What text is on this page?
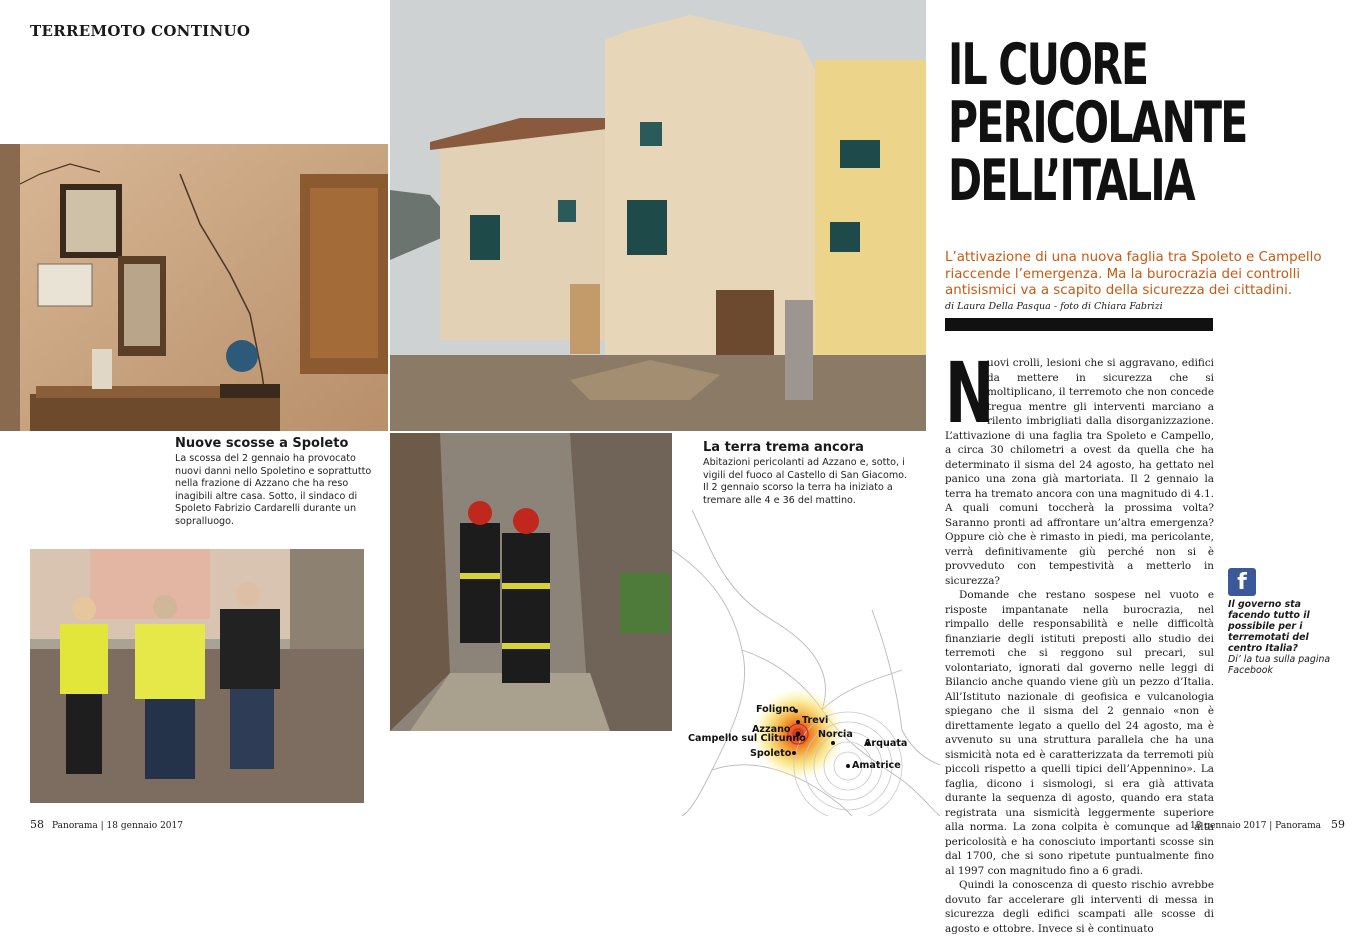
TERREMOTO CONTINUO
Nuove scosse a Spoleto
La scossa del 2 gennaio ha provocato nuovi danni nello Spoletino e soprattutto nella frazione di Azzano che ha reso inagibili altre casa. Sotto, il sindaco di Spoleto Fabrizio Cardarelli durante un sopralluogo.
La terra trema ancora
Abitazioni pericolanti ad Azzano e, sotto, i vigili del fuoco al Castello di San Giacomo. Il 2 gennaio scorso la terra ha iniziato a tremare alle 4 e 36 del mattino.
Foligno
Trevi
Azzano
Campello sul Clitunno Norcia
Arquata
Spoleto
Amatrice
IL CUORE
PERICOLANTE
DELL’ITALIA
L’attivazione di una nuova faglia tra Spoleto e Campello riaccende l’emergenza. Ma la burocrazia dei controlli antisismici va a scapito della sicurezza dei cittadini.
di Laura Della Pasqua - foto di Chiara Fabrizi

N
uovi crolli, lesioni che si aggravano, edifici da mettere in sicurezza che si moltiplicano, il terremoto che non concede tregua mentre gli interventi marciano a rilento imbrigliati dalla disorganizzazione. L’attivazione di una faglia tra Spoleto e Campello, a circa 30 chilometri a ovest da quella che ha determinato il sisma del 24 agosto, ha gettato nel panico una zona già martoriata. Il 2 gennaio la terra ha tremato ancora con una magnitudo di 4.1. A quali comuni toccherà la prossima volta? Saranno pronti ad affrontare un’altra emergenza? Oppure ciò che è rimasto in piedi, ma pericolante, verrà definitivamente giù perché non si è provveduto con tempestività a metterlo in sicurezza?

Domande che restano sospese nel vuoto e risposte impantanate nella burocrazia, nel rimpallo delle responsabilità e nelle difficoltà finanziarie degli istituti preposti allo studio dei terremoti che si reggono sul precari, sul volontariato, ignorati dal governo nelle leggi di Bilancio anche quando viene giù un pezzo d’Italia. All’Istituto nazionale di geofisica e vulcanologia spiegano che il sisma del 2 gennaio «non è direttamente legato a quello del 24 agosto, ma è avvenuto su una struttura parallela che ha una sismicità nota ed è caratterizzata da terremoti più piccoli rispetto a quelli tipici dell’Appennino». La faglia, dicono i sismologi, si era già attivata durante la sequenza di agosto, quando era stata registrata una sismicità leggermente superiore alla norma. La zona colpita è comunque ad alta pericolosità e ha conosciuto importanti scosse sin dal 1700, che si sono ripetute puntualmente fino al 1997 con magnitudo fino a 6 gradi.

Quindi la conoscenza di questo rischio avrebbe dovuto far accelerare gli interventi di messa in sicurezza degli edifici scampati alle scosse di agosto e ottobre. Invece si è continuato

f
Il governo sta facendo tutto il possibile per i terremotati del centro Italia?
Di’ la tua sulla pagina Facebook
58 Panorama | 18 gennaio 2017	18 gennaio 2017 | Panorama 59
